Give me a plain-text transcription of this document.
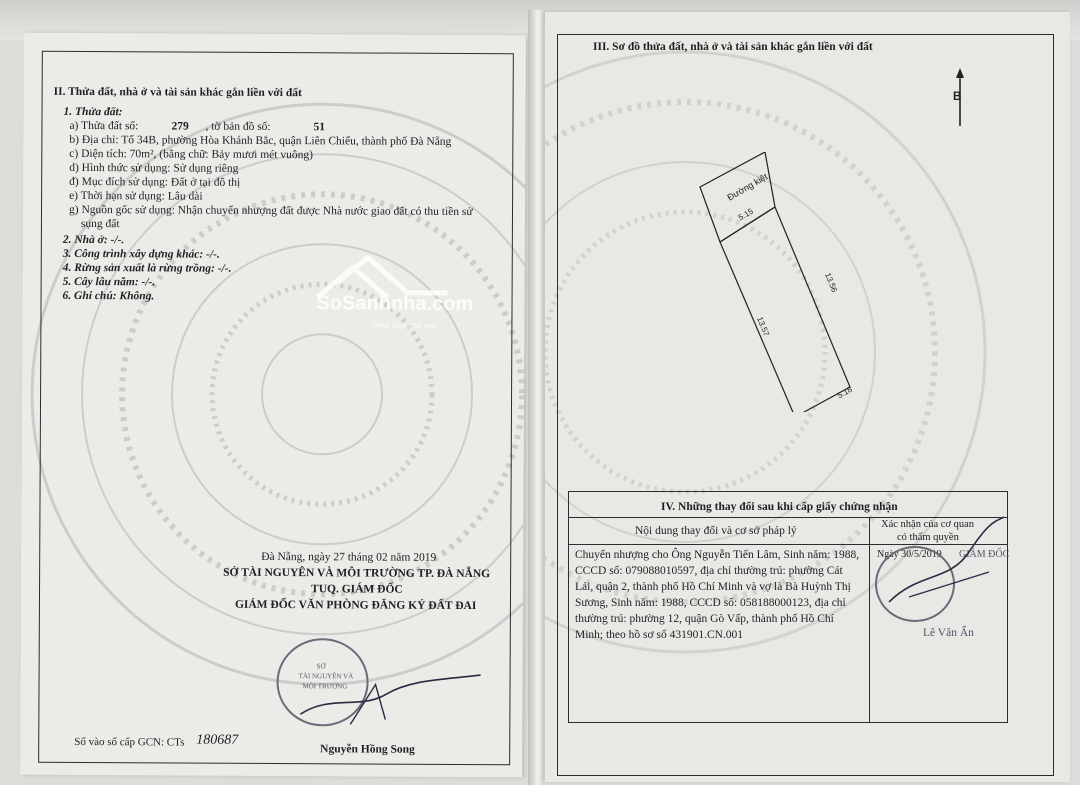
SoSanhnha.com
Great choice for you
II. Thửa đất, nhà ở và tài sản khác gắn liền với đất
1. Thửa đất:
a) Thửa đất số:	279 , tờ bản đồ số:	51
b) Địa chỉ: Tổ 34B, phường Hòa Khánh Bắc, quận Liên Chiểu, thành phố Đà Nẵng
c) Diện tích: 70m², (bằng chữ: Bảy mươi mét vuông)
d) Hình thức sử dụng: Sử dụng riêng
đ) Mục đích sử dụng: Đất ở tại đô thị
e) Thời hạn sử dụng: Lâu dài
g) Nguồn gốc sử dụng: Nhận chuyển nhượng đất được Nhà nước giao đất có thu tiền sử
sụng đất
2. Nhà ở: -/-.
3. Công trình xây dựng khác: -/-.
4. Rừng sản xuất là rừng trồng: -/-.
5. Cây lâu năm: -/-.
6. Ghi chú: Không.
Đà Nẵng, ngày 27 tháng 02 năm 2019
SỞ TÀI NGUYÊN VÀ MÔI TRƯỜNG TP. ĐÀ NẴNG
TUQ. GIÁM ĐỐC
GIÁM ĐỐC VĂN PHÒNG ĐĂNG KÝ ĐẤT ĐAI
SỞ
TÀI NGUYÊN VÀ
MÔI TRƯỜNG
Số vào sổ cấp GCN: CTs 180687
Nguyễn Hồng Song
III. Sơ đồ thửa đất, nhà ở và tài sản khác gắn liền với đất
B
Đường kiệt
5.15
13.56
13.57
5.18
IV. Những thay đổi sau khi cấp giấy chứng nhận
Nội dung thay đổi và cơ sở pháp lý
Xác nhận của cơ quan
có thẩm quyền
Chuyển nhượng cho Ông Nguyễn Tiến Lâm, Sinh năm: 1988,
CCCD số: 079088010597, địa chỉ thường trú: phường Cát
Lái, quận 2, thành phố Hồ Chí Minh và vợ là Bà Huỳnh Thị
Sương, Sinh năm: 1988, CCCD số: 058188000123, địa chỉ
thường trú: phường 12, quận Gò Vấp, thành phố Hồ Chí
Minh; theo hồ sơ số 431901.CN.001
Ngày 30/5/2019 GIÁM ĐỐC
Lê Văn Ẩn
